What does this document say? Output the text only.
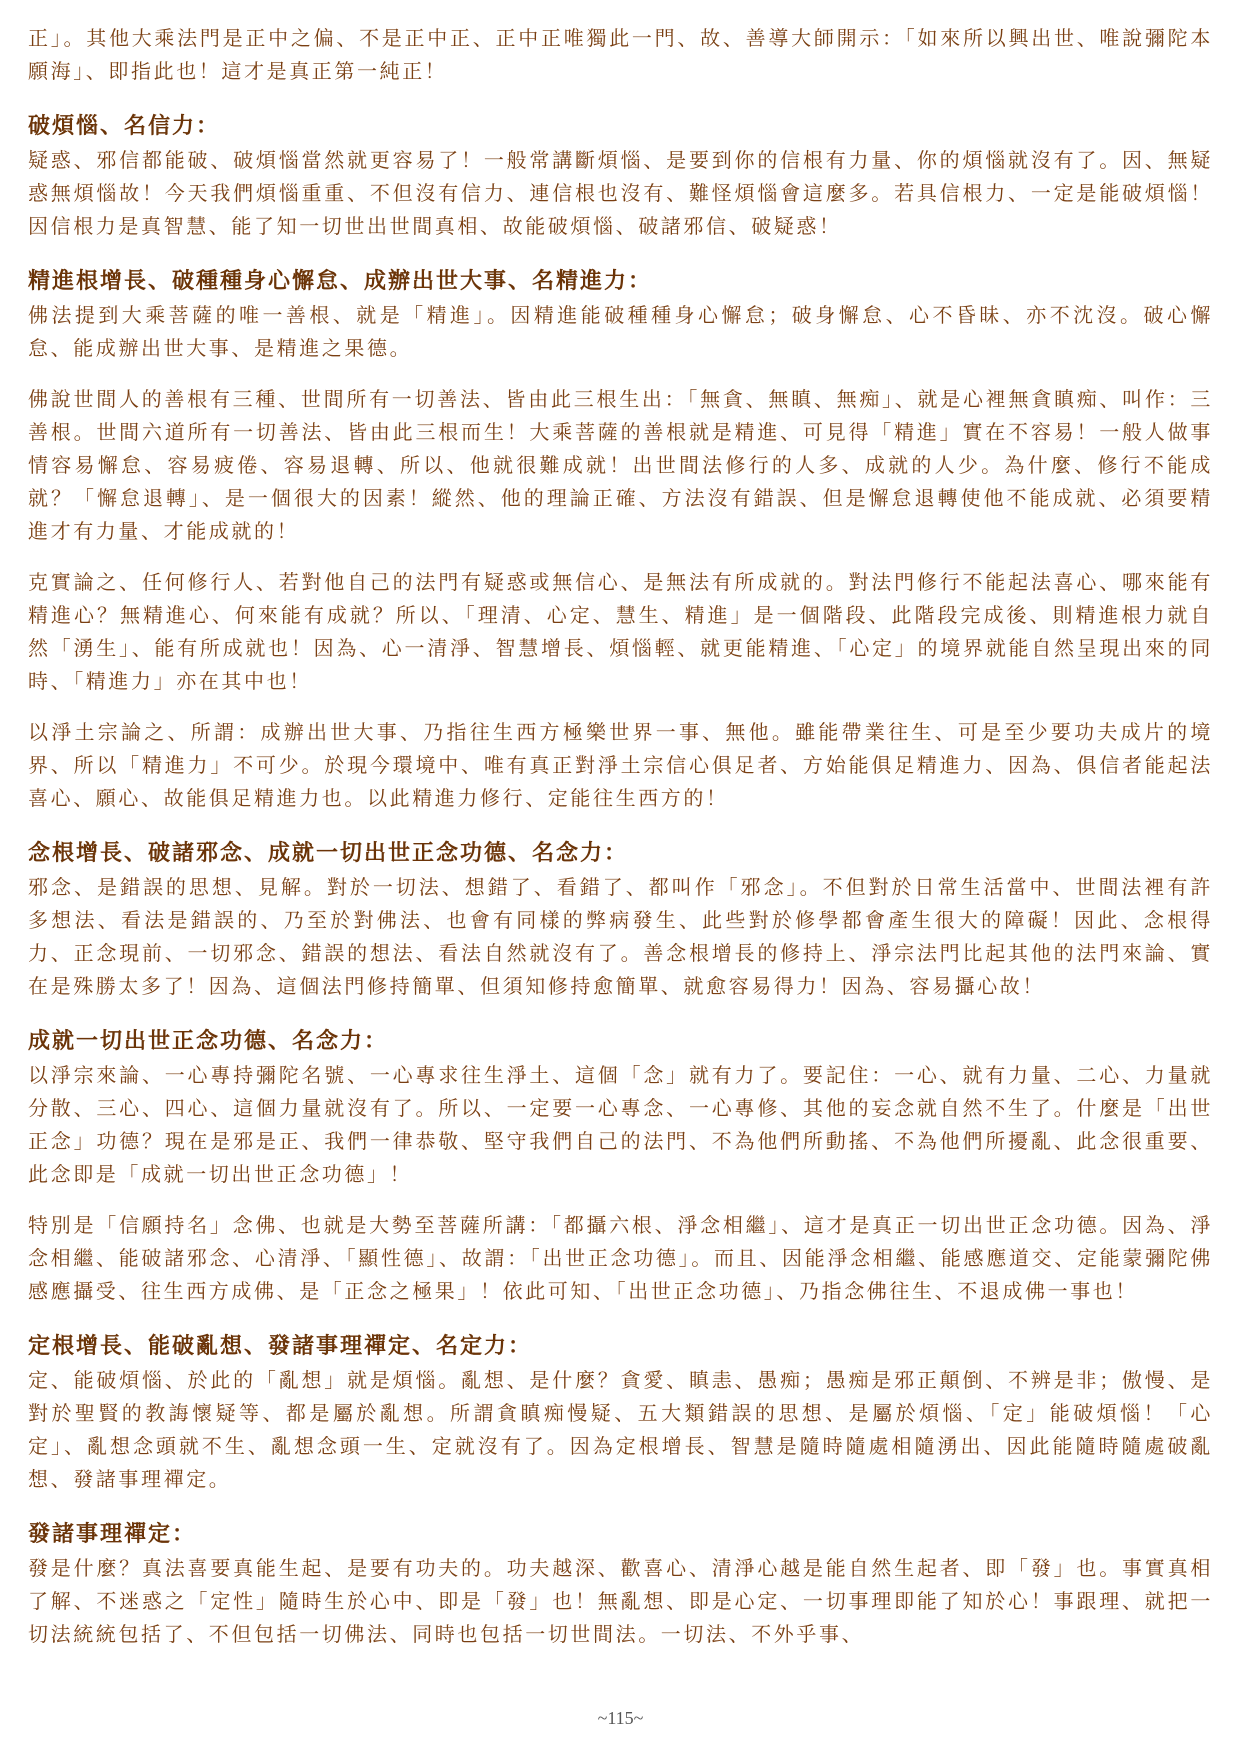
正」。其他大乘法門是正中之偏、不是正中正、正中正唯獨此一門、故、善導大師開示：「如來所以興出世、唯說彌陀本願海」、即指此也！這才是真正第一純正！

破煩惱、名信力：

疑惑、邪信都能破、破煩惱當然就更容易了！一般常講斷煩惱、是要到你的信根有力量、你的煩惱就沒有了。因、無疑惑無煩惱故！今天我們煩惱重重、不但沒有信力、連信根也沒有、難怪煩惱會這麼多。若具信根力、一定是能破煩惱！因信根力是真智慧、能了知一切世出世間真相、故能破煩惱、破諸邪信、破疑惑！

精進根增長、破種種身心懈怠、成辦出世大事、名精進力：

佛法提到大乘菩薩的唯一善根、就是「精進」。因精進能破種種身心懈怠；破身懈怠、心不昏昧、亦不沈沒。破心懈怠、能成辦出世大事、是精進之果德。

佛說世間人的善根有三種、世間所有一切善法、皆由此三根生出：「無貪、無瞋、無痴」、就是心裡無貪瞋痴、叫作：三善根。世間六道所有一切善法、皆由此三根而生！大乘菩薩的善根就是精進、可見得「精進」實在不容易！一般人做事情容易懈怠、容易疲倦、容易退轉、所以、他就很難成就！出世間法修行的人多、成就的人少。為什麼、修行不能成就？「懈怠退轉」、是一個很大的因素！縱然、他的理論正確、方法沒有錯誤、但是懈怠退轉使他不能成就、必須要精進才有力量、才能成就的！

克實論之、任何修行人、若對他自己的法門有疑惑或無信心、是無法有所成就的。對法門修行不能起法喜心、哪來能有精進心？無精進心、何來能有成就？所以、「理清、心定、慧生、精進」是一個階段、此階段完成後、則精進根力就自然「湧生」、能有所成就也！因為、心一清淨、智慧增長、煩惱輕、就更能精進、「心定」的境界就能自然呈現出來的同時、「精進力」亦在其中也！

以淨土宗論之、所謂：成辦出世大事、乃指往生西方極樂世界一事、無他。雖能帶業往生、可是至少要功夫成片的境界、所以「精進力」不可少。於現今環境中、唯有真正對淨土宗信心俱足者、方始能俱足精進力、因為、俱信者能起法喜心、願心、故能俱足精進力也。以此精進力修行、定能往生西方的！

念根增長、破諸邪念、成就一切出世正念功德、名念力：

邪念、是錯誤的思想、見解。對於一切法、想錯了、看錯了、都叫作「邪念」。不但對於日常生活當中、世間法裡有許多想法、看法是錯誤的、乃至於對佛法、也會有同樣的弊病發生、此些對於修學都會產生很大的障礙！因此、念根得力、正念現前、一切邪念、錯誤的想法、看法自然就沒有了。善念根增長的修持上、淨宗法門比起其他的法門來論、實在是殊勝太多了！因為、這個法門修持簡單、但須知修持愈簡單、就愈容易得力！因為、容易攝心故！

成就一切出世正念功德、名念力：

以淨宗來論、一心專持彌陀名號、一心專求往生淨土、這個「念」就有力了。要記住：一心、就有力量、二心、力量就分散、三心、四心、這個力量就沒有了。所以、一定要一心專念、一心專修、其他的妄念就自然不生了。什麼是「出世正念」功德？現在是邪是正、我們一律恭敬、堅守我們自己的法門、不為他們所動搖、不為他們所擾亂、此念很重要、此念即是「成就一切出世正念功德」！

特別是「信願持名」念佛、也就是大勢至菩薩所講：「都攝六根、淨念相繼」、這才是真正一切出世正念功德。因為、淨念相繼、能破諸邪念、心清淨、「顯性德」、故謂：「出世正念功德」。而且、因能淨念相繼、能感應道交、定能蒙彌陀佛感應攝受、往生西方成佛、是「正念之極果」！依此可知、「出世正念功德」、乃指念佛往生、不退成佛一事也！

定根增長、能破亂想、發諸事理禪定、名定力：

定、能破煩惱、於此的「亂想」就是煩惱。亂想、是什麼？貪愛、瞋恚、愚痴；愚痴是邪正顛倒、不辨是非；傲慢、是對於聖賢的教誨懷疑等、都是屬於亂想。所謂貪瞋痴慢疑、五大類錯誤的思想、是屬於煩惱、「定」能破煩惱！「心定」、亂想念頭就不生、亂想念頭一生、定就沒有了。因為定根增長、智慧是隨時隨處相隨湧出、因此能隨時隨處破亂想、發諸事理禪定。

發諸事理禪定：

發是什麼？真法喜要真能生起、是要有功夫的。功夫越深、歡喜心、清淨心越是能自然生起者、即「發」也。事實真相了解、不迷惑之「定性」隨時生於心中、即是「發」也！無亂想、即是心定、一切事理即能了知於心！事跟理、就把一切法統統包括了、不但包括一切佛法、同時也包括一切世間法。一切法、不外乎事、

~115~
